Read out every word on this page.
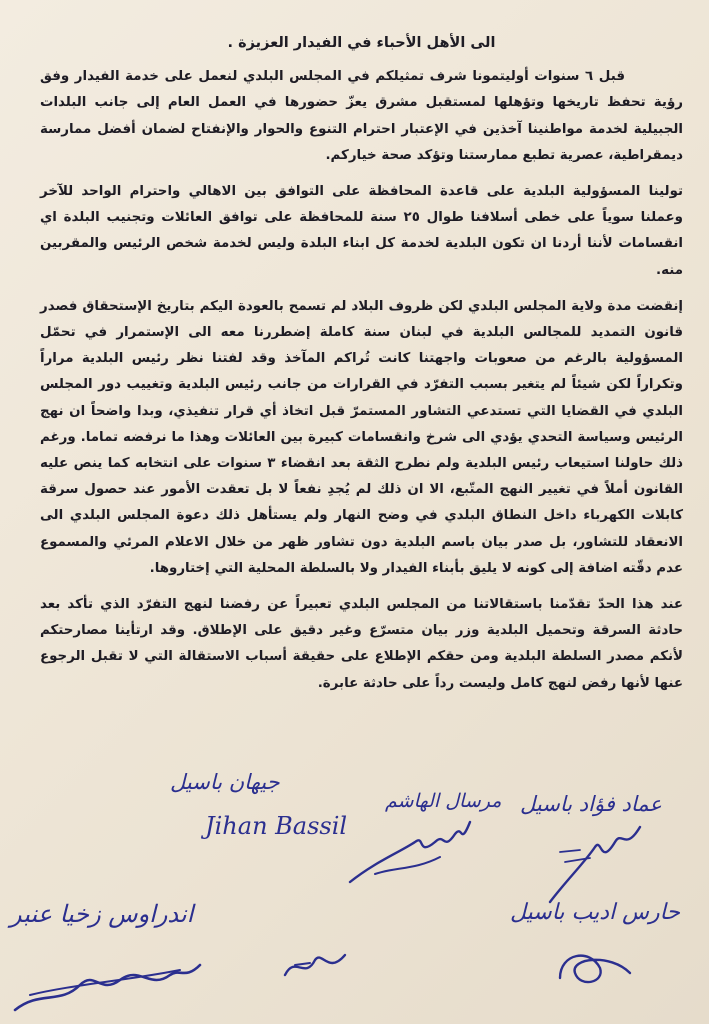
الى الأهل الأحباء في الفيدار العزيزة .

قبل ٦ سنوات أوليتمونا شرف تمثيلكم في المجلس البلدي لنعمل على خدمة الفيدار وفق رؤية تحفظ تاريخها وتؤهلها لمستقبل مشرق يعزّ حضورها في العمل العام إلى جانب البلدات الجبيلية لخدمة مواطنينا آخذين في الإعتبار احترام التنوع والحوار والإنفتاح لضمان أفضل ممارسة ديمقراطية، عصرية تطبع ممارستنا وتؤكد صحة خياركم.

تولينا المسؤولية البلدية على قاعدة المحافظة على التوافق بين الاهالي واحترام الواحد للآخر وعملنا سوياً على خطى أسلافنا طوال ٢٥ سنة للمحافظة على توافق العائلات وتجنيب البلدة اي انقسامات لأننا أردنا ان تكون البلدية لخدمة كل ابناء البلدة وليس لخدمة شخص الرئيس والمقربين منه.

إنقضت مدة ولاية المجلس البلدي لكن ظروف البلاد لم تسمح بالعودة اليكم بتاريخ الإستحقاق فصدر قانون التمديد للمجالس البلدية في لبنان سنة كاملة إضطررنا معه الى الإستمرار في تحمّل المسؤولية بالرغم من صعوبات واجهتنا كانت تُراكم المآخذ وقد لفتنا نظر رئيس البلدية مراراً وتكراراً لكن شيئاً لم يتغير بسبب التفرّد في القرارات من جانب رئيس البلدية وتغييب دور المجلس البلدي في القضايا التي تستدعي التشاور المستمرّ قبل اتخاذ أي قرار تنفيذي، وبدا واضحاً ان نهج الرئيس وسياسة التحدي يؤدي الى شرخ وانقسامات كبيرة بين العائلات وهذا ما نرفضه تماما. ورغم ذلك حاولنا استيعاب رئيس البلدية ولم نطرح الثقة بعد انقضاء ٣ سنوات على انتخابه كما ينص عليه القانون أملاً في تغيير النهج المتّبع، الا ان ذلك لم يُجدِ نفعاً لا بل تعقدت الأمور عند حصول سرقة كابلات الكهرباء داخل النطاق البلدي في وضح النهار ولم يستأهل ذلك دعوة المجلس البلدي الى الانعقاد للتشاور، بل صدر بيان باسم البلدية دون تشاور ظهر من خلال الاعلام المرئي والمسموع عدم دقّته اضافة إلى كونه لا يليق بأبناء الفيدار ولا بالسلطة المحلية التي إختاروها.

عند هذا الحدّ تقدّمنا باستقالاتنا من المجلس البلدي تعبيراً عن رفضنا لنهج التفرّد الذي تأكد بعد حادثة السرقة وتحميل البلدية وزر بيان متسرّع وغير دقيق على الإطلاق. وقد ارتأينا مصارحتكم لأنكم مصدر السلطة البلدية ومن حقكم الإطلاع على حقيقة أسباب الاستقالة التي لا تقبل الرجوع عنها لأنها رفض لنهج كامل وليست رداً على حادثة عابرة.

جيهان باسيل
Jihan Bassil
مرسال الهاشم عماد فؤاد باسيل
حارس اديب باسيل
اندراوس زخيا عنبر
